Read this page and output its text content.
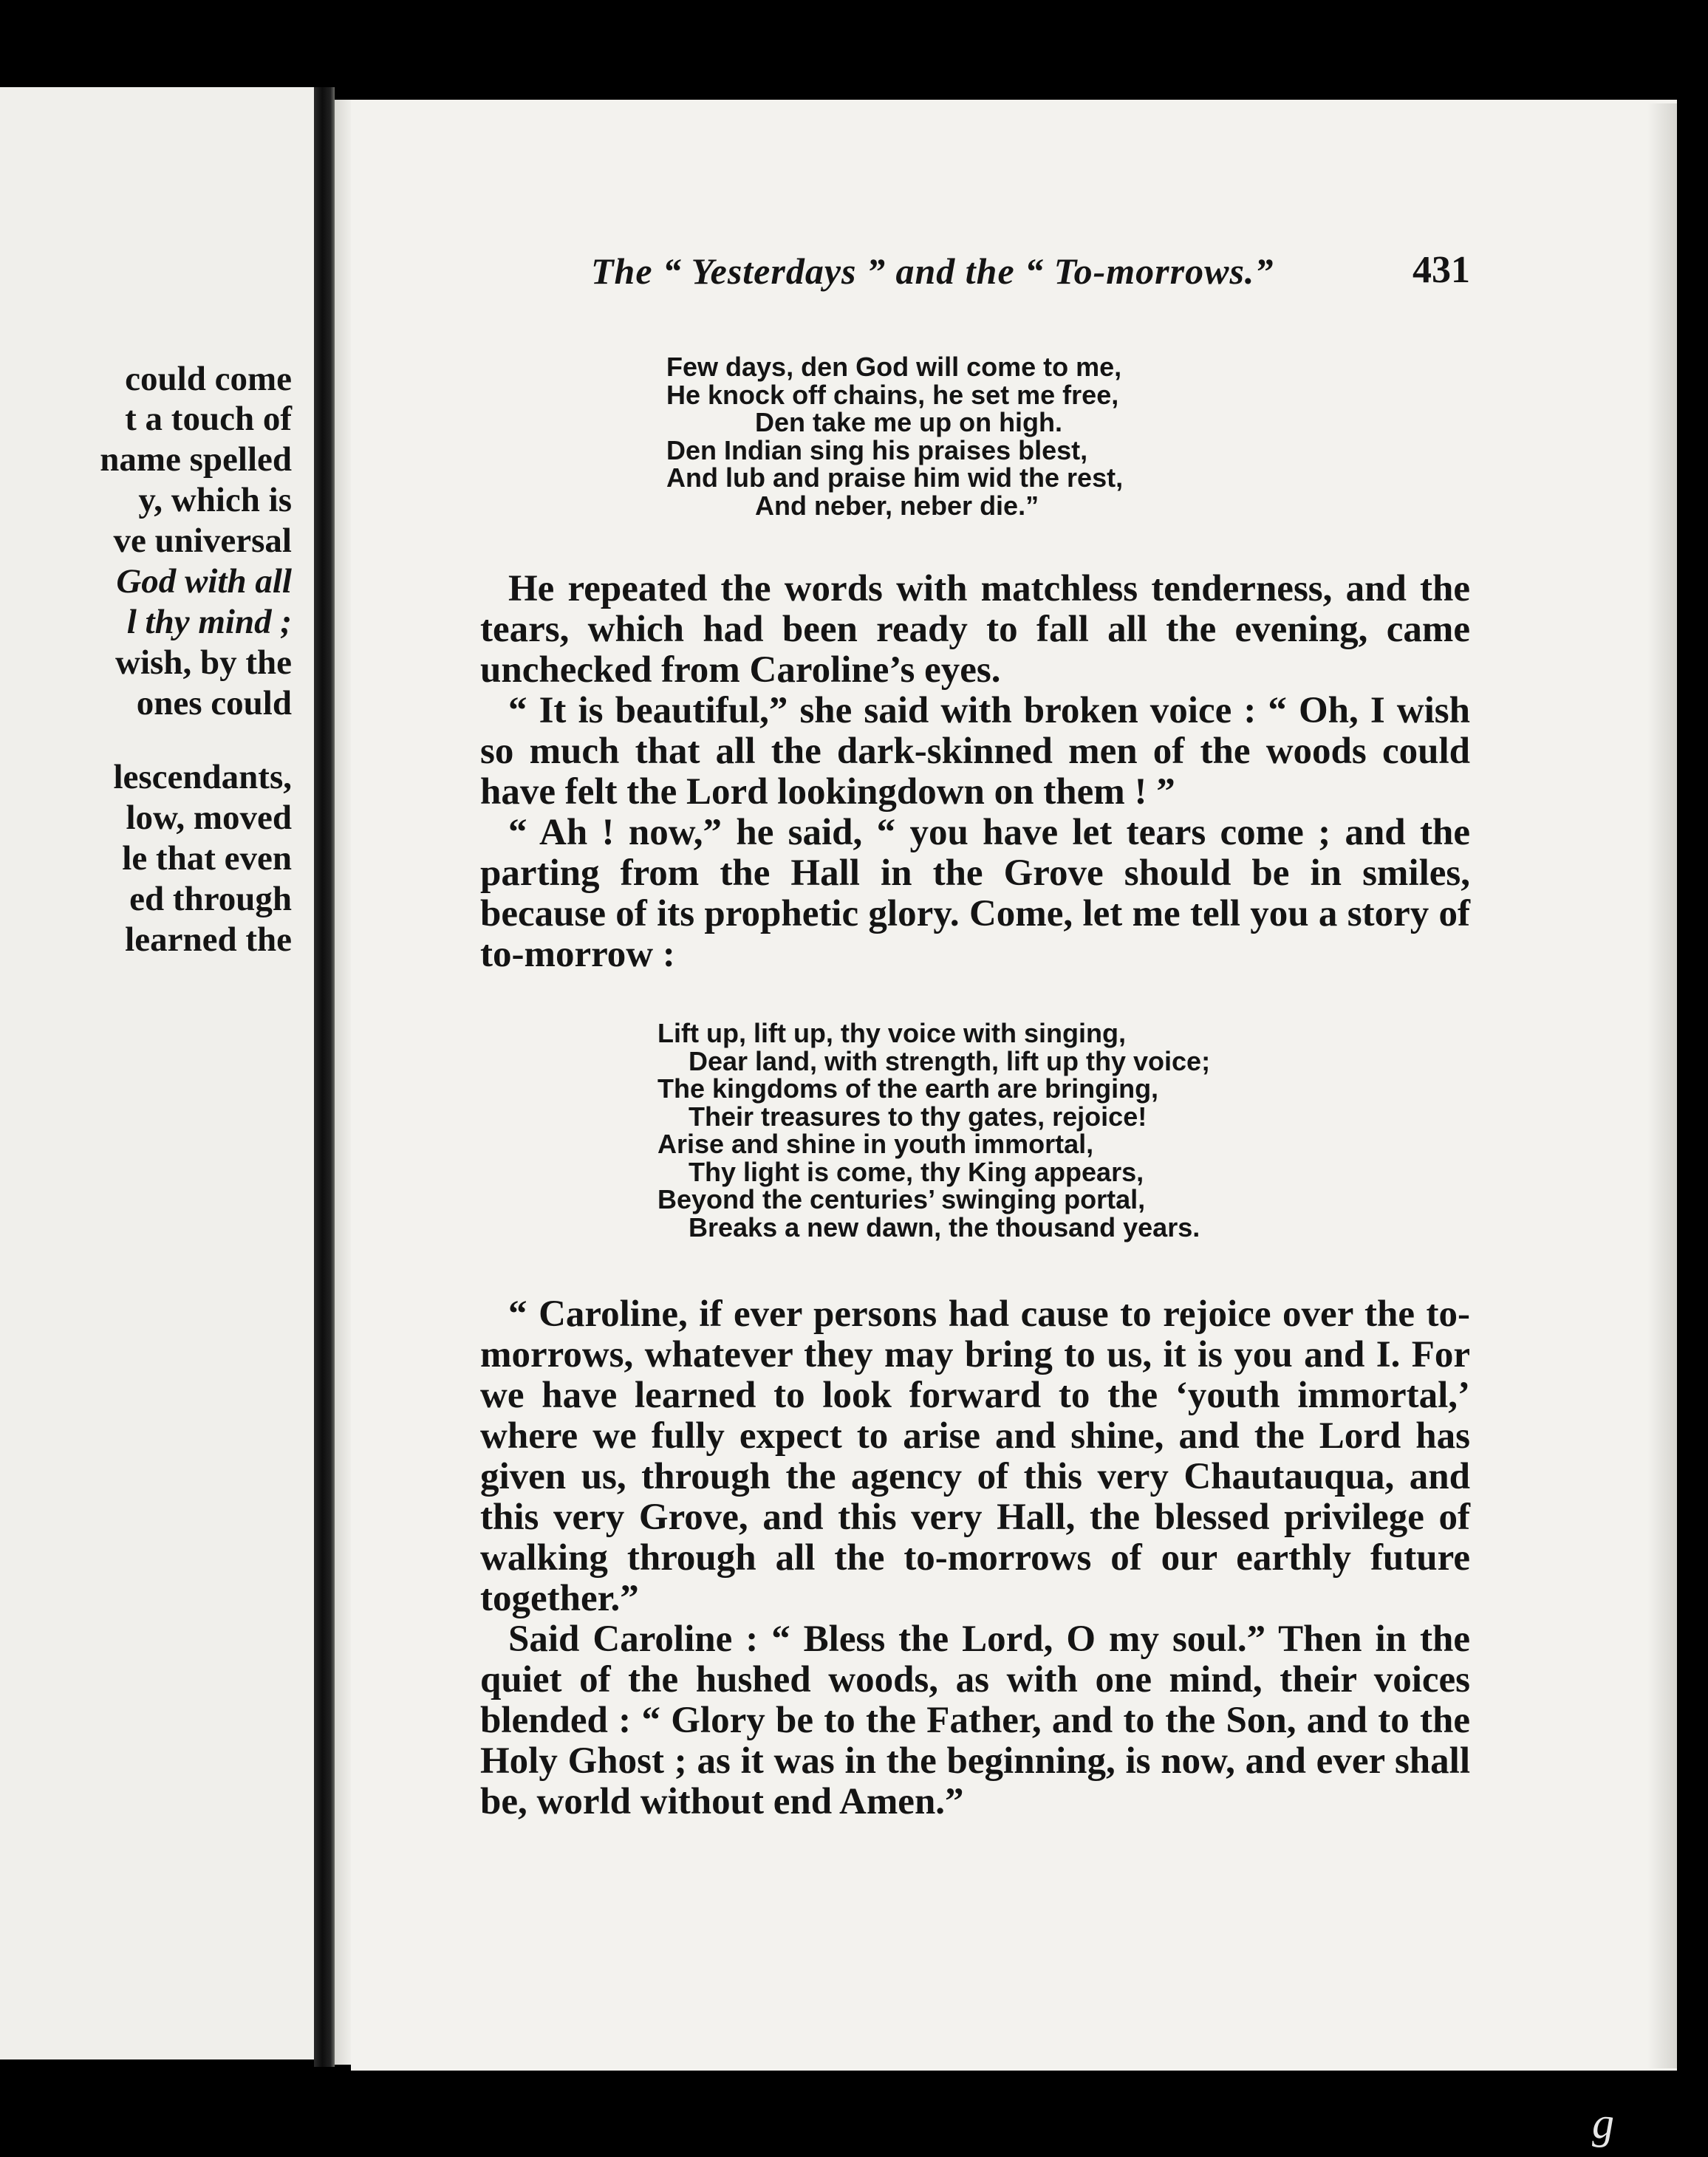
could come
t a touch of
name spelled
y, which is
ve universal
God with all
l thy mind ;
wish, by the
ones could
lescendants,
low, moved
le that even
ed through
learned the
The “ Yesterdays ” and the “ To-morrows.”	431
Few days, den God will come to me,
He knock off chains, he set me free,
Den take me up on high.
Den Indian sing his praises blest,
And lub and praise him wid the rest,
And neber, neber die.”

He repeated the words with matchless tenderness, and the tears, which had been ready to fall all the evening, came unchecked from Caroline’s eyes.

“ It is beautiful,” she said with broken voice : “ Oh, I wish so much that all the dark-skinned men of the woods could have felt the Lord lookingdown on them ! ”

“ Ah ! now,” he said, “ you have let tears come ; and the parting from the Hall in the Grove should be in smiles, because of its prophetic glory. Come, let me tell you a story of to-morrow :

Lift up, lift up, thy voice with singing,
Dear land, with strength, lift up thy voice;
The kingdoms of the earth are bringing,
Their treasures to thy gates, rejoice!
Arise and shine in youth immortal,
Thy light is come, thy King appears,
Beyond the centuries’ swinging portal,
Breaks a new dawn, the thousand years.

“ Caroline, if ever persons had cause to rejoice over the to-morrows, whatever they may bring to us, it is you and I. For we have learned to look forward to the ‘youth immortal,’ where we fully expect to arise and shine, and the Lord has given us, through the agency of this very Chautauqua, and this very Grove, and this very Hall, the blessed privilege of walking through all the to-morrows of our earthly future together.”

Said Caroline : “ Bless the Lord, O my soul.” Then in the quiet of the hushed woods, as with one mind, their voices blended : “ Glory be to the Father, and to the Son, and to the Holy Ghost ; as it was in the beginning, is now, and ever shall be, world without end Amen.”

g
